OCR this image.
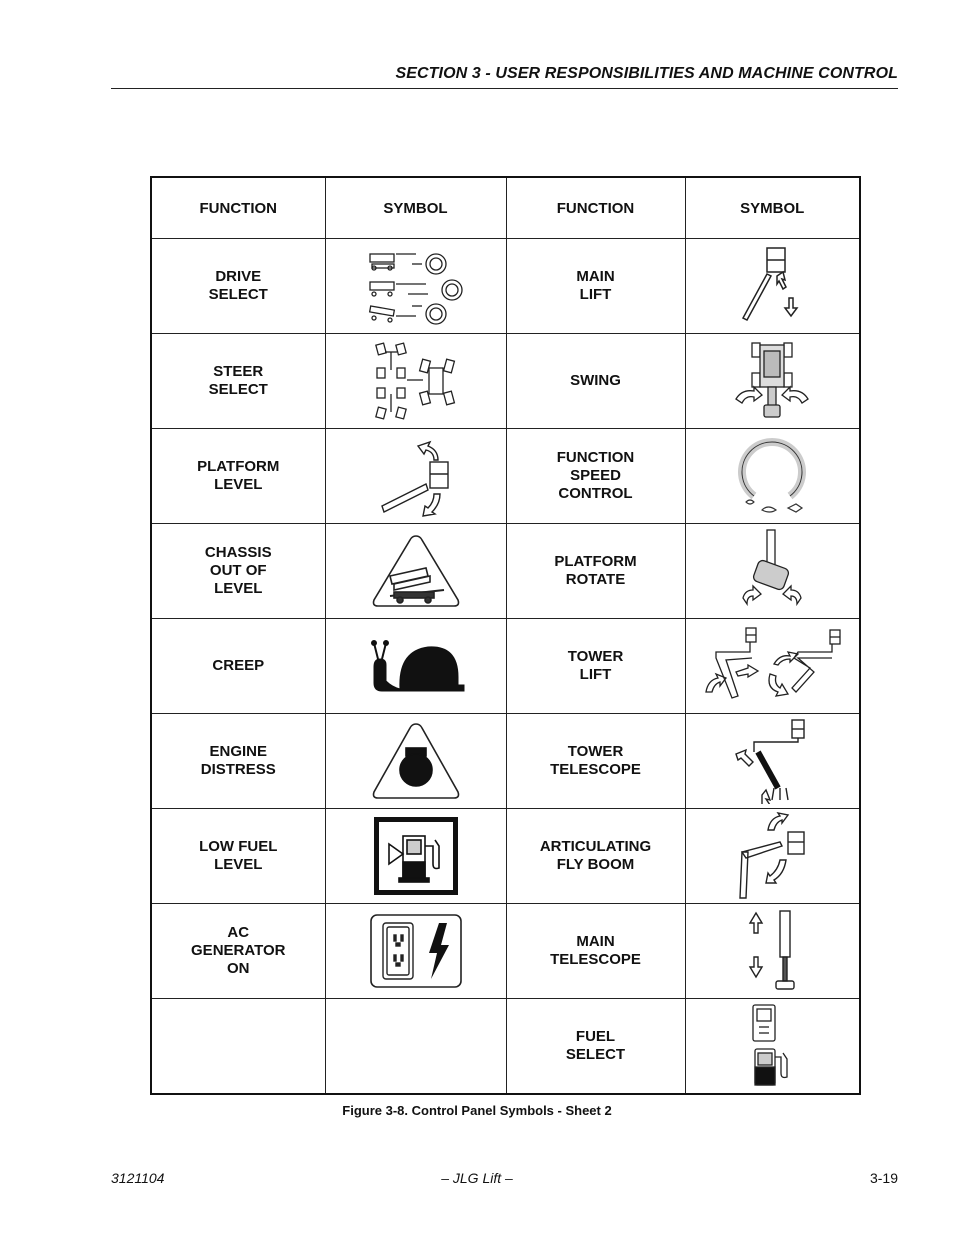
SECTION 3 - USER RESPONSIBILITIES AND MACHINE CONTROL
FUNCTION	SYMBOL	FUNCTION	SYMBOL
DRIVE
SELECT		MAIN
LIFT	

STEER
SELECT		SWING	

PLATFORM
LEVEL		FUNCTION
SPEED
CONTROL	

CHASSIS
OUT OF
LEVEL		PLATFORM
ROTATE	

CREEP		TOWER
LIFT	

ENGINE
DISTRESS		TOWER
TELESCOPE	

LOW FUEL
LEVEL		ARTICULATING
FLY BOOM	

AC
GENERATOR
ON		MAIN
TELESCOPE	

		FUEL
SELECT	
Figure 3-8. Control Panel Symbols - Sheet 2
3121104	– JLG Lift –	3-19
